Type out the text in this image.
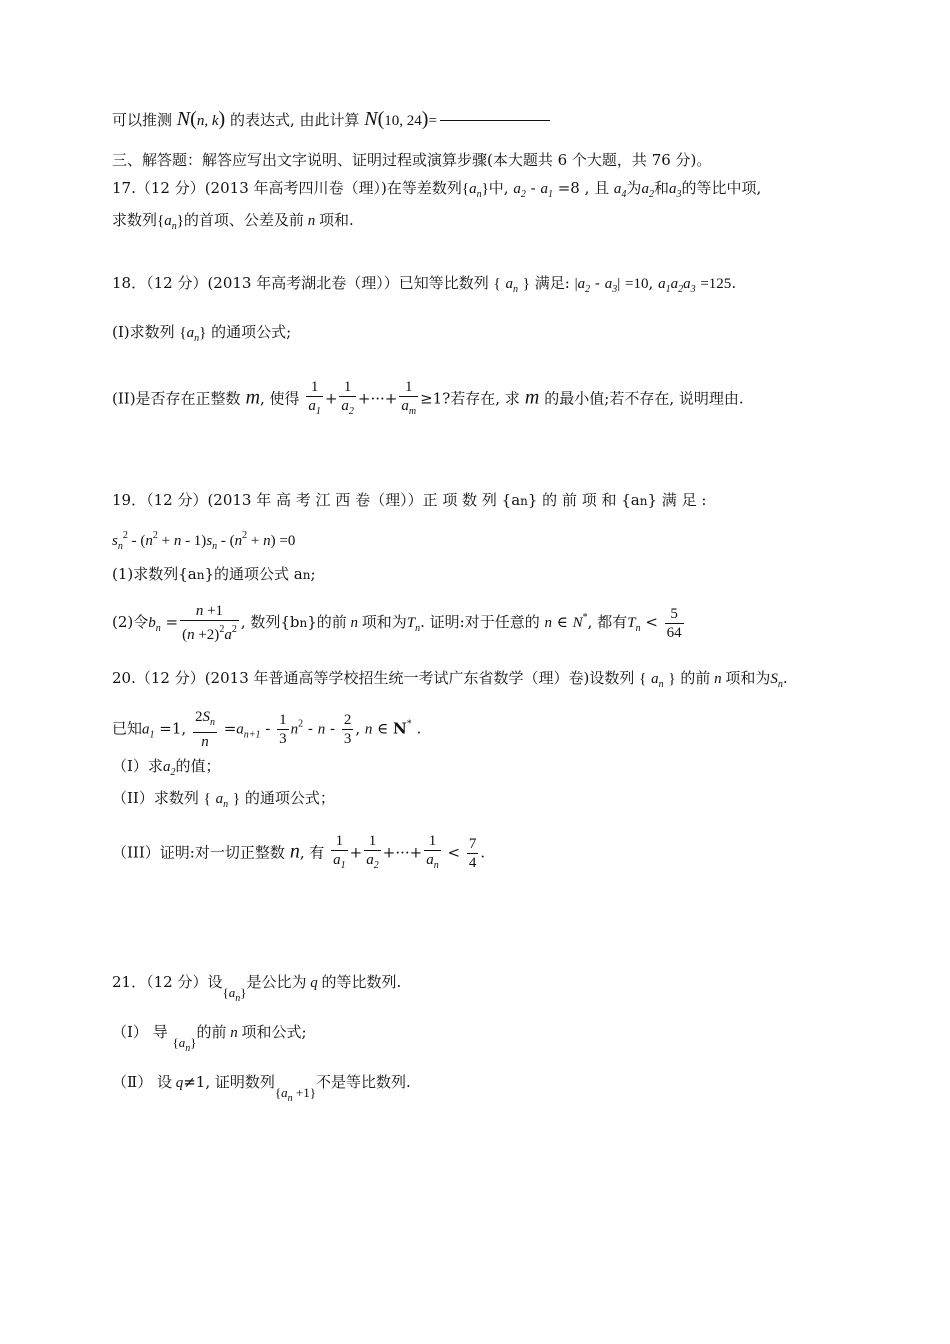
可以推测 N(n, k) 的表达式, 由此计算 N(10, 24)=
三、解答题：解答应写出文字说明、证明过程或演算步骤(本大题共 6 个大题，共 76 分)。
17.（12 分）(2013 年高考四川卷（理）)在等差数列$\{a_n\}$中, $a_2 - a_1 =8$ , 且 $a_4$为$a_2$和$a_3$的等比中项,
求数列$\{a_n\}$的首项、公差及前 n 项和.
18．（12 分）(2013 年高考湖北卷（理））已知等比数列 { $a_n$ } 满足: $|a_2 - a_3| =10$, $a_1a_2a_3 =125$.
(I)求数列 $\{a_n\}$ 的通项公式;
(II)是否存在正整数 m, 使得 $\frac{1}{a_1} + \frac{1}{a_2}$ +···+ $\frac{1}{a_m} \ge 1$?若存在, 求 m 的最小值;若不存在, 说明理由.
19．（12 分）(2013 年 高 考 江 西 卷（理））正 项 数 列 {an} 的 前 项 和 {an} 满 足 :
$s_n^2 - (n^2 + n - 1)s_n - (n^2 + n) =0$
(1)求数列{an}的通项公式 an;
(2)令$b_n = \frac{n +1}{(n +2)^2a^2}$ , 数列{bn}的前 n 项和为$T_n$. 证明:对于任意的 n ∈ N*, 都有$T_n < \frac{5}{64}$
20.（12 分）(2013 年普通高等学校招生统一考试广东省数学（理）卷)设数列 { $a_n$ } 的前 n 项和为$S_n$.
已知$a_1 =1$, $\frac{2S_n}{n} =a_{n+1} - \frac{1}{3} n^2 - n - \frac{2}{3}$ , n ∈ N* .
（I）求$a_2$的值；
（II）求数列 { $a_n$ } 的通项公式；
（III）证明:对一切正整数 n, 有 $\frac{1}{a_1} + \frac{1}{a_2}$ +···+ $\frac{1}{a_n} < \frac{7}{4}$ .
21．（12 分）设$\{a_n\}$是公比为 q 的等比数列.
（Ⅰ） 导 $\{a_n\}$的前 n 项和公式;
（Ⅱ） 设 q≠1, 证明数列$\{a_n +1\}$不是等比数列.
